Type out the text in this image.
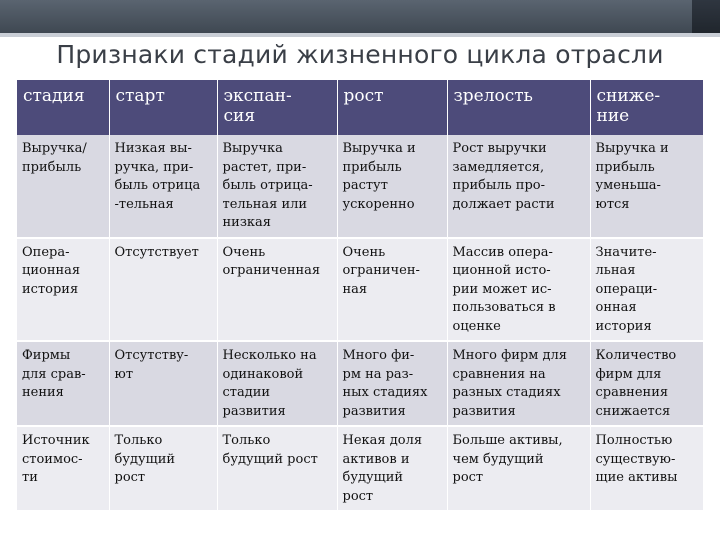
Признаки стадий жизненного цикла отрасли
стадия	старт	экспан-
сия	рост	зрелость	сниже-
ние

Выручка/
прибыль	Низкая вы-
ручка, при-
быль отрица
-тельная	Выручка
растет, при-
быль отрица-
тельная или
низкая	Выручка и
прибыль
растут
ускоренно	Рост выручки
замедляется,
прибыль про-
должает расти	Выручка и
прибыль
уменьша-
ются

Опера-
ционная
история	Отсутствует	Очень
ограниченная	Очень
ограничен-
ная	Массив опера-
ционной исто-
рии может ис-
пользоваться в
оценке	Значите-
льная
операци-
онная
история

Фирмы
для срав-
нения	Отсутству-
ют	Несколько на
одинаковой
стадии
развития	Много фи-
рм на раз-
ных стадиях
развития	Много фирм для
сравнения на
разных стадиях
развития	Количество
фирм для
сравнения
снижается

Источник
стоимос-
ти	Только
будущий
рост	Только
будущий рост	Некая доля
активов и
будущий
рост	Больше активы,
чем будущий
рост	Полностью
существую-
щие активы
